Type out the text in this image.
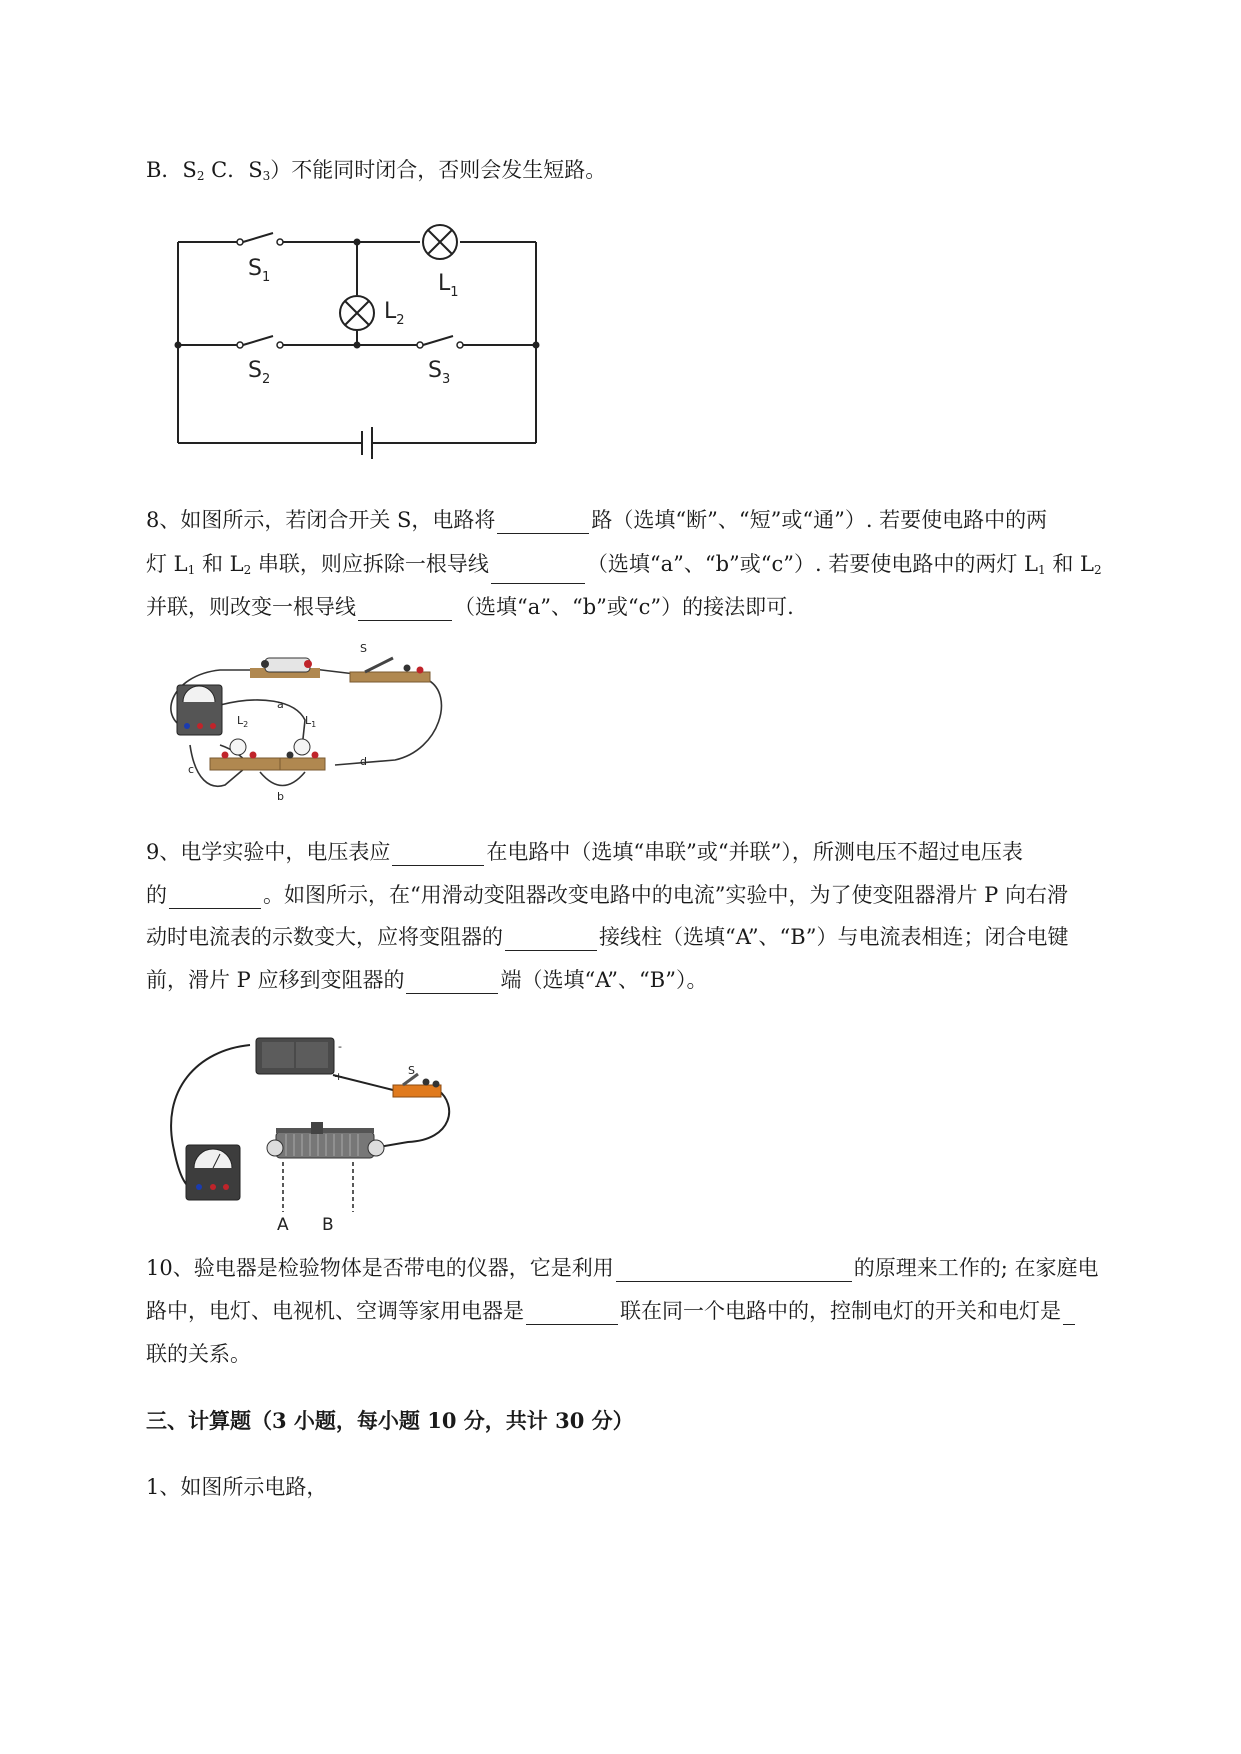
B．$S_2$ C．$S_3$）不能同时闭合，否则会发生短路。
$S_1$
$S_2$	$S_3$
$L_1$
$L_2$
8、如图所示，若闭合开关 S，电路将	路（选填“断”、“短”或“通”）. 若要使电路中的两
灯 $L_1$ 和 $L_2$ 串联，则应拆除一根导线	（选填“a”、“b”或“c”）. 若要使电路中的两灯 $L_1$ 和 $L_2$
并联，则改变一根导线	（选填“a”、“b”或“c”）的接法即可.
S
a
b
c
d
$L_2$	$L_1$
9、电学实验中，电压表应	在电路中（选填“串联”或“并联”），所测电压不超过电压表
的	。如图所示，在“用滑动变阻器改变电路中的电流”实验中，为了使变阻器滑片 P 向右滑
动时电流表的示数变大，应将变阻器的	接线柱（选填“A”、“B”）与电流表相连；闭合电键
前，滑片 P 应移到变阻器的	端（选填“A”、“B”）。
-
+	S
A B
10、验电器是检验物体是否带电的仪器，它是利用	的原理来工作的; 在家庭电
路中，电灯、电视机、空调等家用电器是	联在同一个电路中的，控制电灯的开关和电灯是
联的关系。
三、计算题（3 小题，每小题 10 分，共计 30 分）
1、如图所示电路，
